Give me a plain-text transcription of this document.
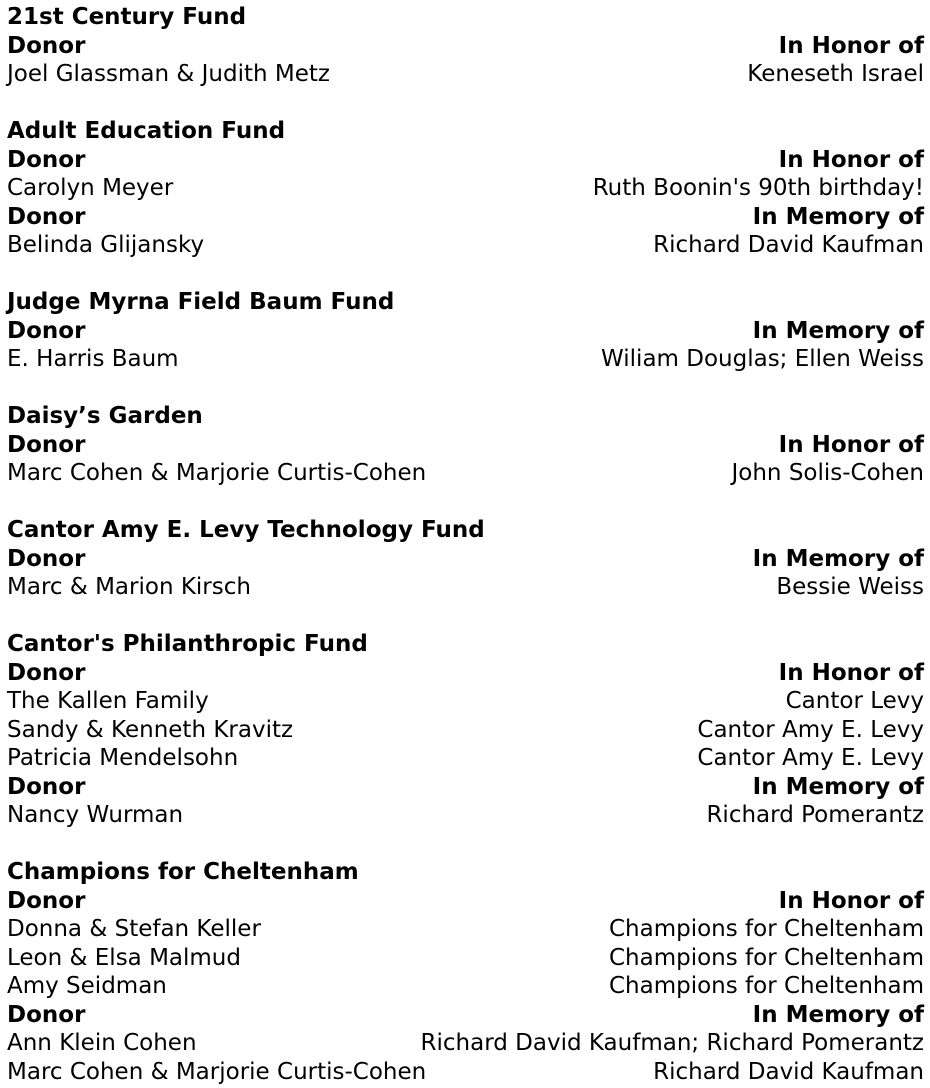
21st Century Fund
Donor	In Honor of
Joel Glassman & Judith Metz	Keneseth Israel
Adult Education Fund
Donor	In Honor of
Carolyn Meyer	Ruth Boonin's 90th birthday!
Donor	In Memory of
Belinda Glijansky	Richard David Kaufman
Judge Myrna Field Baum Fund
Donor	In Memory of
E. Harris Baum	Wiliam Douglas; Ellen Weiss
Daisy’s Garden
Donor	In Honor of
Marc Cohen & Marjorie Curtis-Cohen	John Solis-Cohen
Cantor Amy E. Levy Technology Fund
Donor	In Memory of
Marc & Marion Kirsch	Bessie Weiss
Cantor's Philanthropic Fund
Donor	In Honor of
The Kallen Family	Cantor Levy
Sandy & Kenneth Kravitz	Cantor Amy E. Levy
Patricia Mendelsohn	Cantor Amy E. Levy
Donor	In Memory of
Nancy Wurman	Richard Pomerantz
Champions for Cheltenham
Donor	In Honor of
Donna & Stefan Keller	Champions for Cheltenham
Leon & Elsa Malmud	Champions for Cheltenham
Amy Seidman	Champions for Cheltenham
Donor	In Memory of
Ann Klein Cohen	Richard David Kaufman; Richard Pomerantz
Marc Cohen & Marjorie Curtis-Cohen	Richard David Kaufman
